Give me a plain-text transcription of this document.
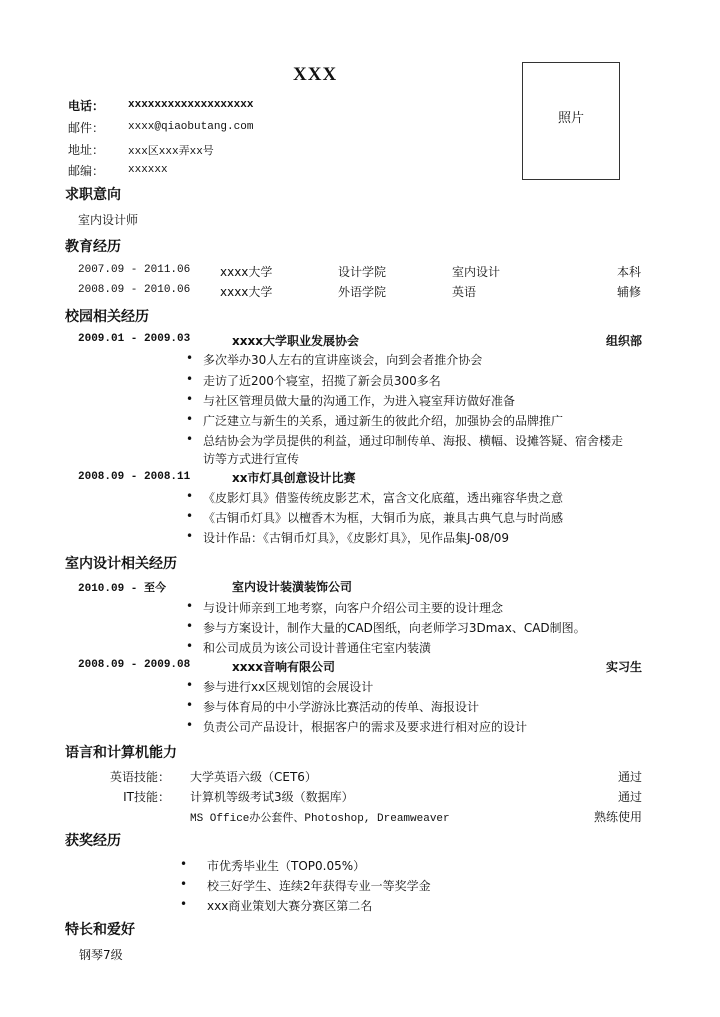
XXX
照片
电话： xxxxxxxxxxxxxxxxxxx
邮件： xxxx@qiaobutang.com
地址： xxx区xxx弄xx号
邮编： xxxxxx
求职意向
室内设计师
教育经历
2007.09 - 2011.06 xxxx大学	设计学院	室内设计	本科
2008.09 - 2010.06 xxxx大学	外语学院	英语	辅修
校园相关经历
2009.01 - 2009.03	xxxx大学职业发展协会	组织部
• 多次举办30人左右的宣讲座谈会，向到会者推介协会
• 走访了近200个寝室，招揽了新会员300多名
• 与社区管理员做大量的沟通工作，为进入寝室拜访做好准备
• 广泛建立与新生的关系，通过新生的彼此介绍，加强协会的品牌推广
• 总结协会为学员提供的利益，通过印制传单、海报、横幅、设摊答疑、宿舍楼走
访等方式进行宣传
2008.09 - 2008.11	xx市灯具创意设计比赛
• 《皮影灯具》借鉴传统皮影艺术，富含文化底蕴，透出雍容华贵之意
• 《古铜币灯具》以檀香木为框，大铜币为底，兼具古典气息与时尚感
• 设计作品：《古铜币灯具》，《皮影灯具》，见作品集J-08/09
室内设计相关经历
2010.09 - 至今	室内设计装潢装饰公司
• 与设计师亲到工地考察，向客户介绍公司主要的设计理念
• 参与方案设计，制作大量的CAD图纸，向老师学习3Dmax、CAD制图。
• 和公司成员为该公司设计普通住宅室内装潢
2008.09 - 2009.08	xxxx音响有限公司	实习生
• 参与进行xx区规划馆的会展设计
• 参与体育局的中小学游泳比赛活动的传单、海报设计
• 负责公司产品设计，根据客户的需求及要求进行相对应的设计
语言和计算机能力
英语技能： 大学英语六级（CET6）	通过
IT技能： 计算机等级考试3级（数据库）	通过
MS Office办公套件、Photoshop, Dreamweaver	熟练使用
获奖经历
• 市优秀毕业生（TOP0.05%）
• 校三好学生、连续2年获得专业一等奖学金
• xxx商业策划大赛分赛区第二名
特长和爱好
钢琴7级
